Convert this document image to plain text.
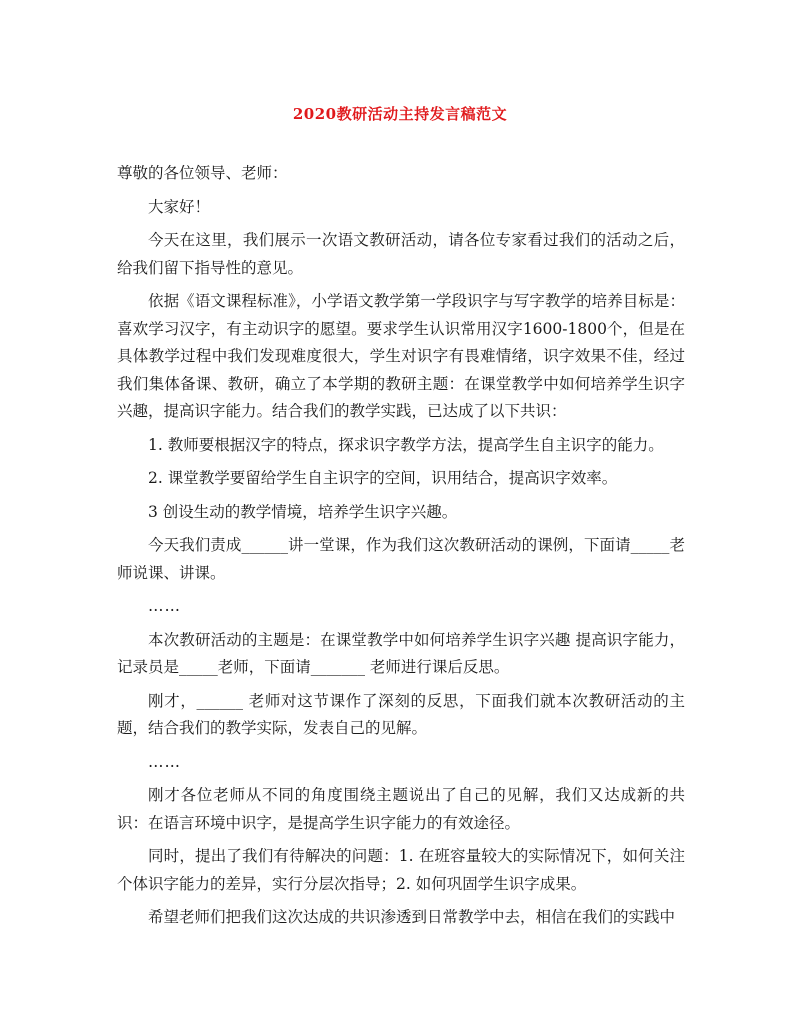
2020教研活动主持发言稿范文

尊敬的各位领导、老师：

大家好！

今天在这里，我们展示一次语文教研活动，请各位专家看过我们的活动之后，给我们留下指导性的意见。

依据《语文课程标准》，小学语文教学第一学段识字与写字教学的培养目标是：喜欢学习汉字，有主动识字的愿望。要求学生认识常用汉字1600-1800个，但是在具体教学过程中我们发现难度很大，学生对识字有畏难情绪，识字效果不佳，经过我们集体备课、教研，确立了本学期的教研主题：在课堂教学中如何培养学生识字兴趣，提高识字能力。结合我们的教学实践，已达成了以下共识：

1. 教师要根据汉字的特点，探求识字教学方法，提高学生自主识字的能力。

2. 课堂教学要留给学生自主识字的空间，识用结合，提高识字效率。

3 创设生动的教学情境，培养学生识字兴趣。

今天我们责成______讲一堂课，作为我们这次教研活动的课例，下面请_____老师说课、讲课。

……

本次教研活动的主题是：在课堂教学中如何培养学生识字兴趣 提高识字能力，记录员是_____老师，下面请_______ 老师进行课后反思。

刚才，______ 老师对这节课作了深刻的反思，下面我们就本次教研活动的主题，结合我们的教学实际，发表自己的见解。

……

刚才各位老师从不同的角度围绕主题说出了自己的见解，我们又达成新的共识：在语言环境中识字，是提高学生识字能力的有效途径。

同时，提出了我们有待解决的问题：1. 在班容量较大的实际情况下，如何关注个体识字能力的差异，实行分层次指导；2. 如何巩固学生识字成果。

希望老师们把我们这次达成的共识渗透到日常教学中去，相信在我们的实践中
